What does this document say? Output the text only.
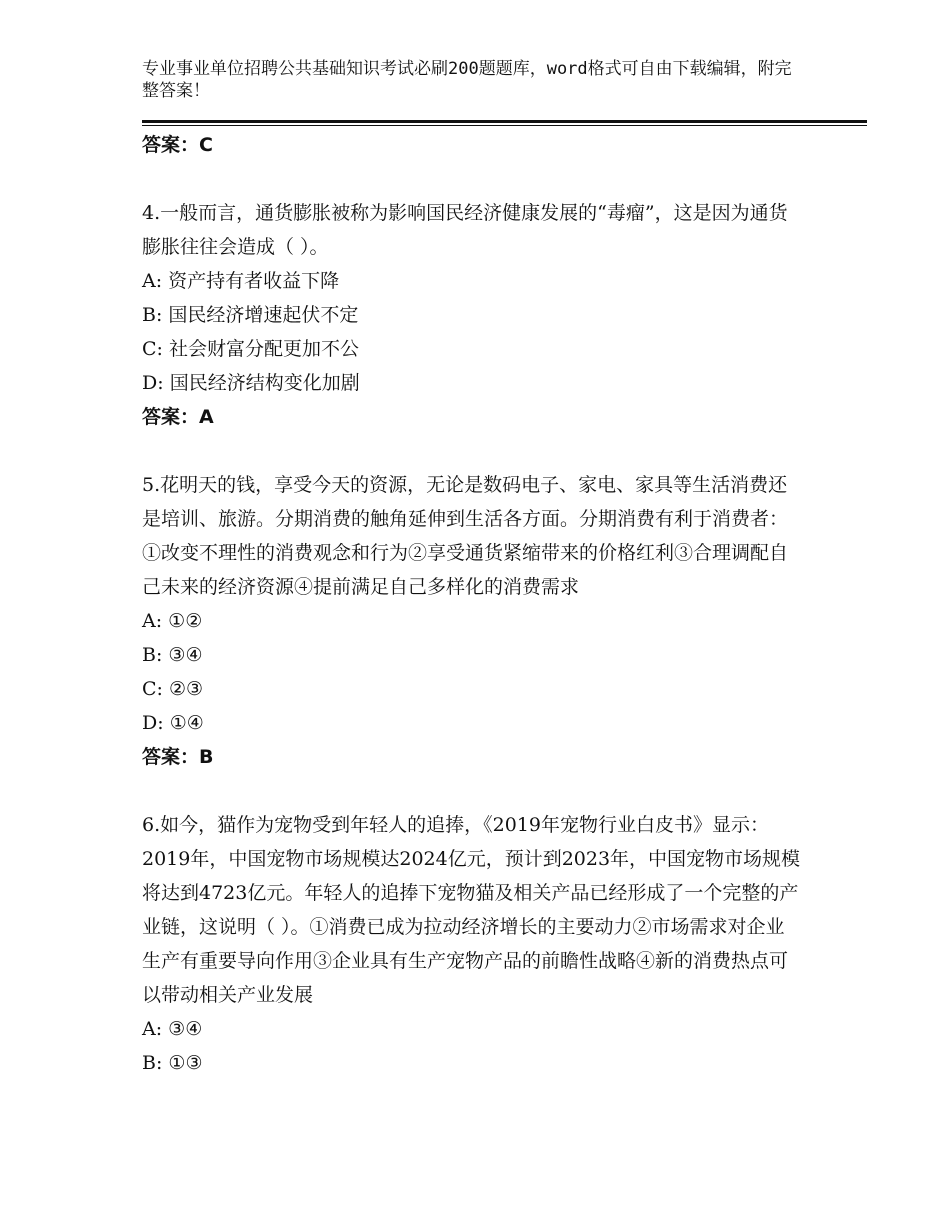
专业事业单位招聘公共基础知识考试必刷200题题库，word格式可自由下载编辑，附完整答案！
答案：C
4.一般而言，通货膨胀被称为影响国民经济健康发展的“毒瘤”，这是因为通货膨胀往往会造成（ ）。
A: 资产持有者收益下降
B: 国民经济增速起伏不定
C: 社会财富分配更加不公
D: 国民经济结构变化加剧
答案：A
5.花明天的钱，享受今天的资源，无论是数码电子、家电、家具等生活消费还是培训、旅游。分期消费的触角延伸到生活各方面。分期消费有利于消费者：①改变不理性的消费观念和行为②享受通货紧缩带来的价格红利③合理调配自己未来的经济资源④提前满足自己多样化的消费需求
A: ①②
B: ③④
C: ②③
D: ①④
答案：B
6.如今，猫作为宠物受到年轻人的追捧，《2019年宠物行业白皮书》显示：2019年，中国宠物市场规模达2024亿元，预计到2023年，中国宠物市场规模将达到4723亿元。年轻人的追捧下宠物猫及相关产品已经形成了一个完整的产业链，这说明（ ）。①消费已成为拉动经济增长的主要动力②市场需求对企业生产有重要导向作用③企业具有生产宠物产品的前瞻性战略④新的消费热点可以带动相关产业发展
A: ③④
B: ①③
